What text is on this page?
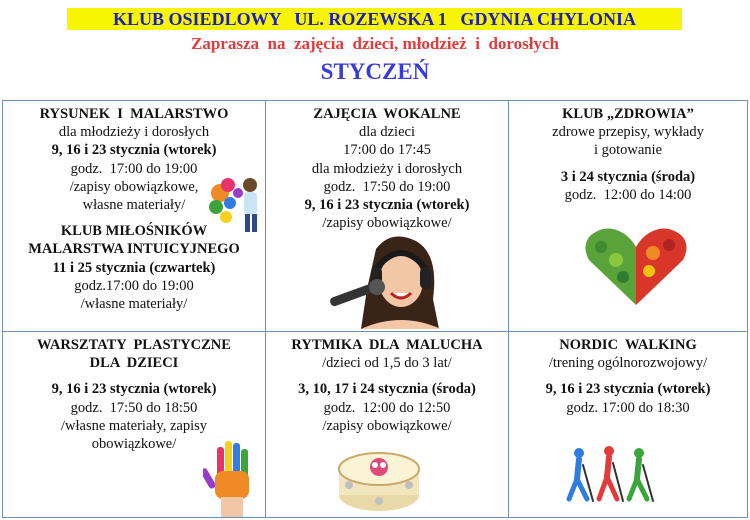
KLUB OSIEDLOWY   UL. ROZEWSKA 1   GDYNIA CHYLONIA
Zaprasza  na  zajęcia  dzieci, młodzież  i  dorosłych
STYCZEŃ
RYSUNEK  I  MALARSTWO
dla młodzieży i dorosłych
9, 16 i 23 stycznia (wtorek)
godz.  17:00 do 19:00
/zapisy obowiązkowe,
własne materiały/
KLUB MIŁOŚNIKÓW
MALARSTWA INTUICYJNEGO
11 i 25 stycznia (czwartek)
godz.17:00 do 19:00
/własne materiały/
ZAJĘCIA  WOKALNE
dla dzieci
17:00 do 17:45
dla młodzieży i dorosłych
godz.  17:50 do 19:00
9, 16 i 23 stycznia (wtorek)
/zapisy obowiązkowe/
KLUB „ZDROWIA”
zdrowe przepisy, wykłady
i gotowanie
3 i 24 stycznia (środa)
godz.  12:00 do 14:00
WARSZTATY  PLASTYCZNE
DLA  DZIECI
9, 16 i 23 stycznia (wtorek)
godz.  17:50 do 18:50
/własne materiały, zapisy
obowiązkowe/
RYTMIKA  DLA  MALUCHA
/dzieci od 1,5 do 3 lat/
3, 10, 17 i 24 stycznia (środa)
godz.  12:00 do 12:50
/zapisy obowiązkowe/
NORDIC  WALKING
/trening ogólnorozwojowy/
9, 16 i 23 stycznia (wtorek)
godz. 17:00 do 18:30
